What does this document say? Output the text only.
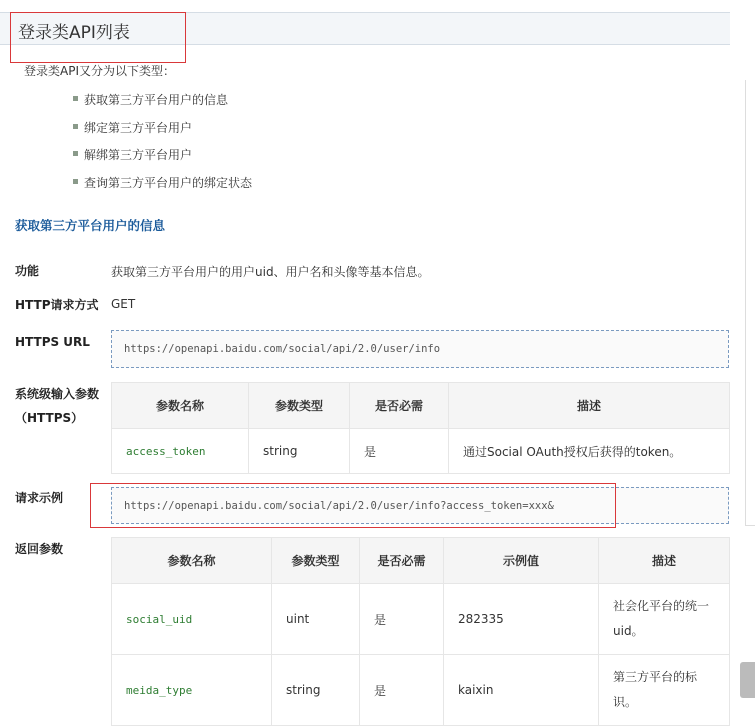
登录类API列表
登录类API又分为以下类型：
获取第三方平台用户的信息
绑定第三方平台用户
解绑第三方平台用户
查询第三方平台用户的绑定状态
获取第三方平台用户的信息
功能	获取第三方平台用户的用户uid、用户名和头像等基本信息。
HTTP请求方式 GET
HTTPS URL	https://openapi.baidu.com/social/api/2.0/user/info
系统级输入参数
（HTTPS）
参数名称	参数类型	是否必需	描述
access_token	string	是	通过Social OAuth授权后获得的token。
请求示例
https://openapi.baidu.com/social/api/2.0/user/info?access_token=xxx&
返回参数
参数名称	参数类型	是否必需	示例值	描述
social_uid	uint	是	282335	社会化平台的统一uid。
meida_type	string	是	kaixin	第三方平台的标识。
